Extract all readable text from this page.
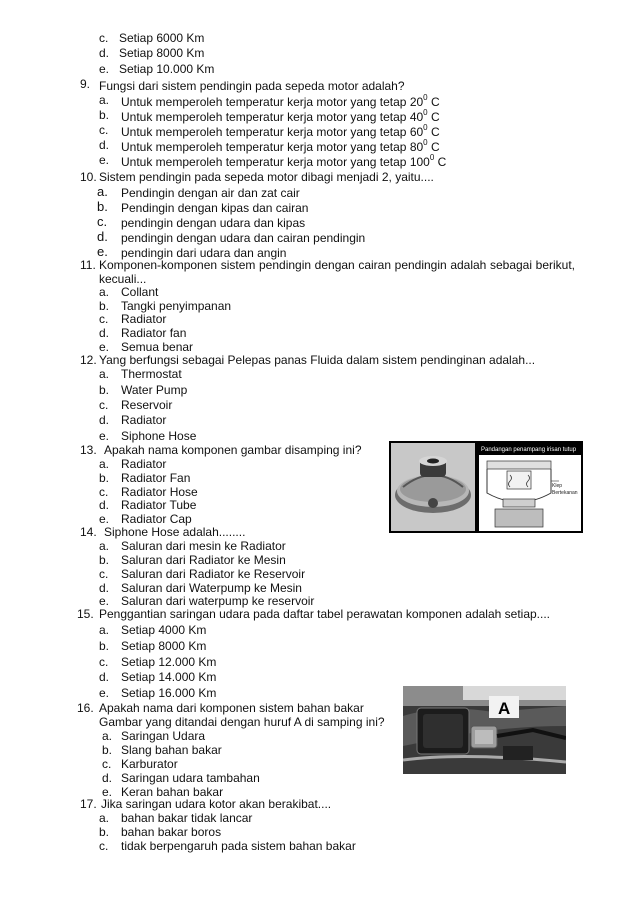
c. Setiap 6000 Km
d. Setiap 8000 Km
e. Setiap 10.000 Km
9. Fungsi dari sistem pendingin pada sepeda motor adalah?
a. Untuk memperoleh temperatur kerja motor yang tetap $20^0$ C
b. Untuk memperoleh temperatur kerja motor yang tetap $40^0$ C
c. Untuk memperoleh temperatur kerja motor yang tetap $60^0$ C
d. Untuk memperoleh temperatur kerja motor yang tetap $80^0$ C
e. Untuk memperoleh temperatur kerja motor yang tetap $100^0$ C
10. Sistem pendingin pada sepeda motor dibagi menjadi 2, yaitu....
a. Pendingin dengan air dan zat cair
b. Pendingin dengan kipas dan cairan
c. pendingin dengan udara dan kipas
d. pendingin dengan udara dan cairan pendingin
e. pendingin dari udara dan angin
11. Komponen-komponen sistem pendingin dengan cairan pendingin adalah sebagai berikut, kecuali...
a. Collant
b. Tangki penyimpanan
c. Radiator
d. Radiator fan
e. Semua benar
12. Yang berfungsi sebagai Pelepas panas Fluida dalam sistem pendinginan adalah...
a. Thermostat
b. Water Pump
c. Reservoir
d. Radiator
e. Siphone Hose
13. Apakah nama komponen gambar disamping ini?
a. Radiator
b. Radiator Fan
c. Radiator Hose
d. Radiator Tube
e. Radiator Cap
Pandangan penampang irisan tutup
Klep
Bertekanan
14. Siphone Hose adalah........
a. Saluran dari mesin ke Radiator
b. Saluran dari Radiator ke Mesin
c. Saluran dari Radiator ke Reservoir
d. Saluran dari Waterpump ke Mesin
e. Saluran dari waterpump ke reservoir
15. Penggantian saringan udara pada daftar tabel perawatan komponen adalah setiap....
a. Setiap 4000 Km
b. Setiap 8000 Km
c. Setiap 12.000 Km
d. Setiap 14.000 Km
e. Setiap 16.000 Km
16. Apakah nama dari komponen sistem bahan bakar
Gambar yang ditandai dengan huruf A di samping ini?
a. Saringan Udara
b. Slang bahan bakar
c. Karburator
d. Saringan udara tambahan
e. Keran bahan bakar
A
17. Jika saringan udara kotor akan berakibat....
a. bahan bakar tidak lancar
b. bahan bakar boros
c. tidak berpengaruh pada sistem bahan bakar
